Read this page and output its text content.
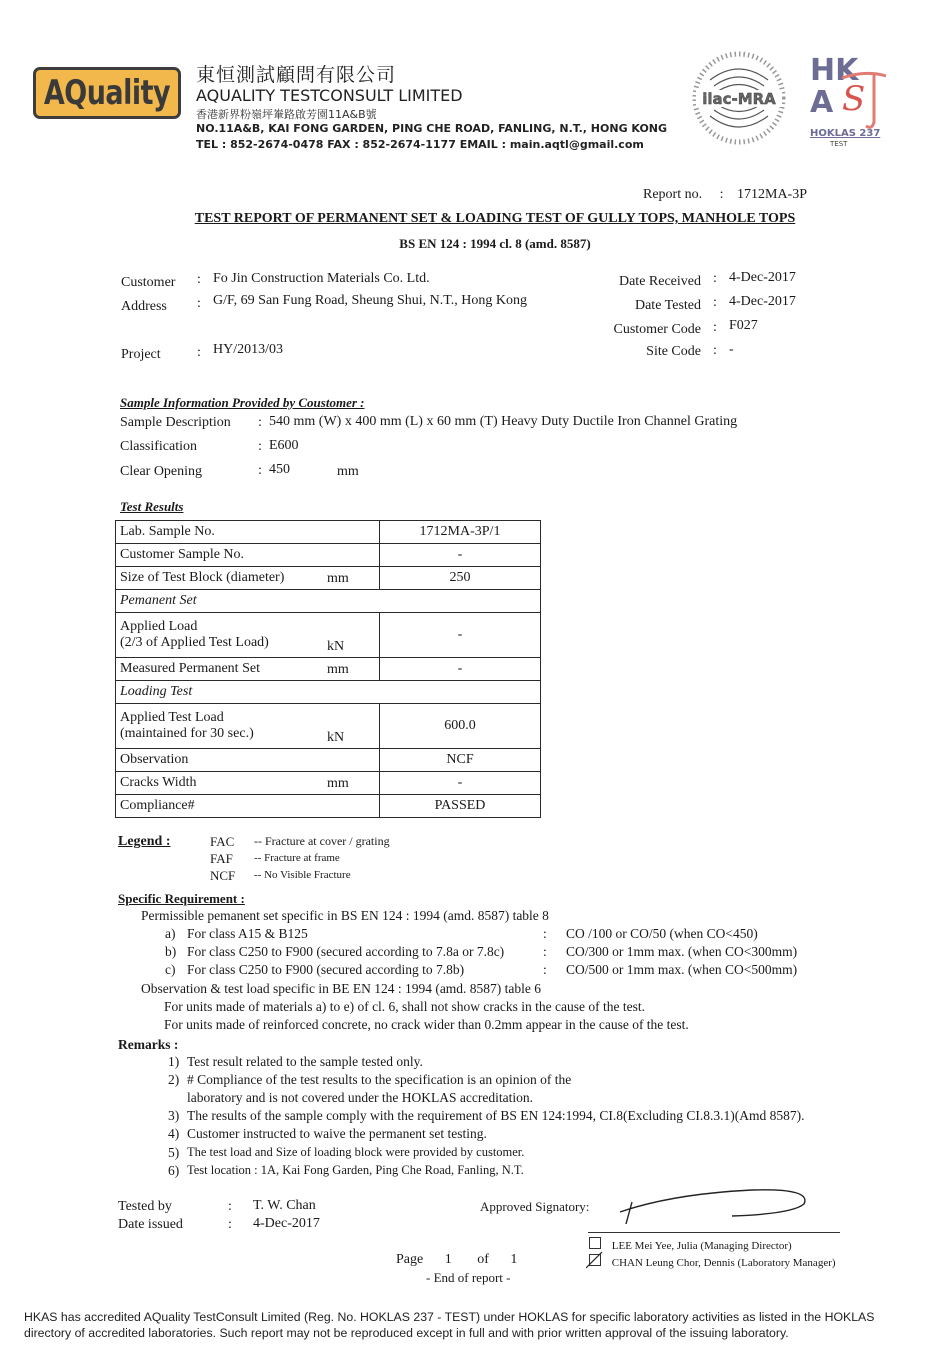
AQuality 東恒測試顧問有限公司
AQUALITY TESTCONSULT LIMITED
香港新界粉嶺坪輋路啟芳園11A&B號
NO.11A&B, KAI FONG GARDEN, PING CHE ROAD, FANLING, N.T., HONG KONG
TEL : 852-2674-0478 FAX : 852-2674-1177 EMAIL : main.aqtl@gmail.com
ilac-MRA
HK
A S
HOKLAS 237
TEST
Report no. : 1712MA-3P
TEST REPORT OF PERMANENT SET & LOADING TEST OF GULLY TOPS, MANHOLE TOPS
BS EN 124 : 1994 cl. 8 (amd. 8587)
Customer : Fo Jin Construction Materials Co. Ltd.
Address : G/F, 69 San Fung Road, Sheung Shui, N.T., Hong Kong
Project	: HY/2013/03
Date Received : 4-Dec-2017
Date Tested : 4-Dec-2017
Customer Code : F027
Site Code : -
Sample Information Provided by Coustomer :
Sample Description : 540 mm (W) x 400 mm (L) x 60 mm (T) Heavy Duty Ductile Iron Channel Grating
Classification	: E600
Clear Opening	: 450	mm
Test Results
Lab. Sample No.		1712MA-3P/1
Customer Sample No.		-
Size of Test Block (diameter)	mm	250
Pemanent Set		

Applied Load
(2/3 of Applied Test Load)	kN	-
Measured Permanent Set	mm	-
Loading Test		

Applied Test Load
(maintained for 30 sec.)	kN	600.0
Observation		NCF
Cracks Width	mm	-
Compliance#		PASSED
Legend :	FAC -- Fracture at cover / grating
FAF -- Fracture at frame
NCF -- No Visible Fracture
Specific Requirement :
Permissible pemanent set specific in BS EN 124 : 1994 (amd. 8587) table 8
a) For class A15 & B125	: CO /100 or CO/50 (when CO<450)
b) For class C250 to F900 (secured according to 7.8a or 7.8c)	: CO/300 or 1mm max. (when CO<300mm)
c) For class C250 to F900 (secured according to 7.8b)	: CO/500 or 1mm max. (when CO<500mm)
Observation & test load specific in BE EN 124 : 1994 (amd. 8587) table 6
For units made of materials a) to e) of cl. 6, shall not show cracks in the cause of the test.
For units made of reinforced concrete, no crack wider than 0.2mm appear in the cause of the test.
Remarks :
1) Test result related to the sample tested only.
2) # Compliance of the test results to the specification is an opinion of the
laboratory and is not covered under the HOKLAS accreditation.
3) The results of the sample comply with the requirement of BS EN 124:1994, CI.8(Excluding CI.8.3.1)(Amd 8587).
4) Customer instructed to waive the permanent set testing.
5) The test load and Size of loading block were provided by customer.
6) Test location : 1A, Kai Fong Garden, Ping Che Road, Fanling, N.T.
Tested by	: T. W. Chan
Date issued	: 4-Dec-2017
Approved Signatory:
LEE Mei Yee, Julia (Managing Director)
CHAN Leung Chor, Dennis (Laboratory Manager)
Page 1 of 1
- End of report -
HKAS has accredited AQuality TestConsult Limited (Reg. No. HOKLAS 237 - TEST) under HOKLAS for specific laboratory activities as listed in the HOKLAS
directory of accredited laboratories. Such report may not be reproduced except in full and with prior written approval of the issuing laboratory.
